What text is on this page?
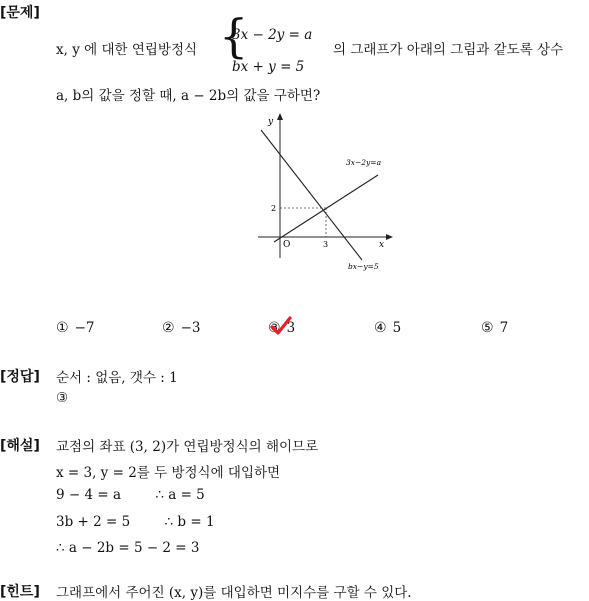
[문제]
x, y 에 대한 연립방정식 {
3x − 2y = a
bx + y = 5
의 그래프가 아래의 그림과 같도록 상수
a, b의 값을 정할 때, a − 2b의 값을 구하면?
y
x
O	3
2
3x−2y=a
bx−y=5
① −7	② −3	③ 3	④ 5	⑤ 7
[정답] 순서 : 없음, 갯수 : 1
③
[해설] 교점의 좌표 (3, 2)가 연립방정식의 해이므로
x = 3, y = 2를 두 방정식에 대입하면
9 − 4 = a        ∴ a = 5
3b + 2 = 5        ∴ b = 1
∴ a − 2b = 5 − 2 = 3
[힌트] 그래프에서 주어진 (x, y)를 대입하면 미지수를 구할 수 있다.
